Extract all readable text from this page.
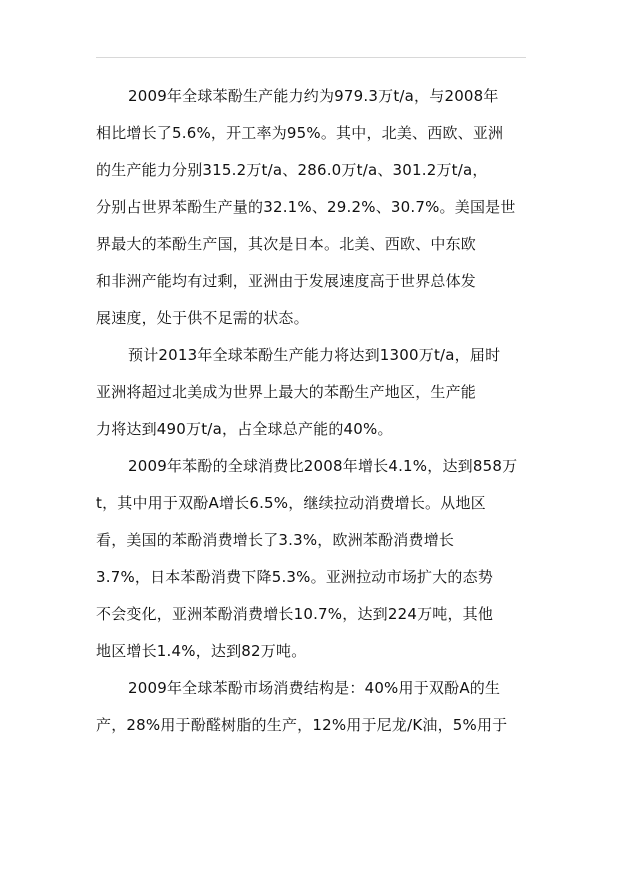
2009年全球苯酚生产能力约为979.3万t/a，与2008年
相比增长了5.6%，开工率为95%。其中，北美、西欧、亚洲
的生产能力分别315.2万t/a、286.0万t/a、301.2万t/a，
分别占世界苯酚生产量的32.1%、29.2%、30.7%。美国是世
界最大的苯酚生产国，其次是日本。北美、西欧、中东欧
和非洲产能均有过剩，亚洲由于发展速度高于世界总体发
展速度，处于供不足需的状态。
预计2013年全球苯酚生产能力将达到1300万t/a，届时
亚洲将超过北美成为世界上最大的苯酚生产地区，生产能
力将达到490万t/a，占全球总产能的40%。
2009年苯酚的全球消费比2008年增长4.1%，达到858万
t，其中用于双酚A增长6.5%，继续拉动消费增长。从地区
看，美国的苯酚消费增长了3.3%，欧洲苯酚消费增长
3.7%，日本苯酚消费下降5.3%。亚洲拉动市场扩大的态势
不会变化，亚洲苯酚消费增长10.7%，达到224万吨，其他
地区增长1.4%，达到82万吨。
2009年全球苯酚市场消费结构是：40%用于双酚A的生
产，28%用于酚醛树脂的生产，12%用于尼龙/K油，5%用于
